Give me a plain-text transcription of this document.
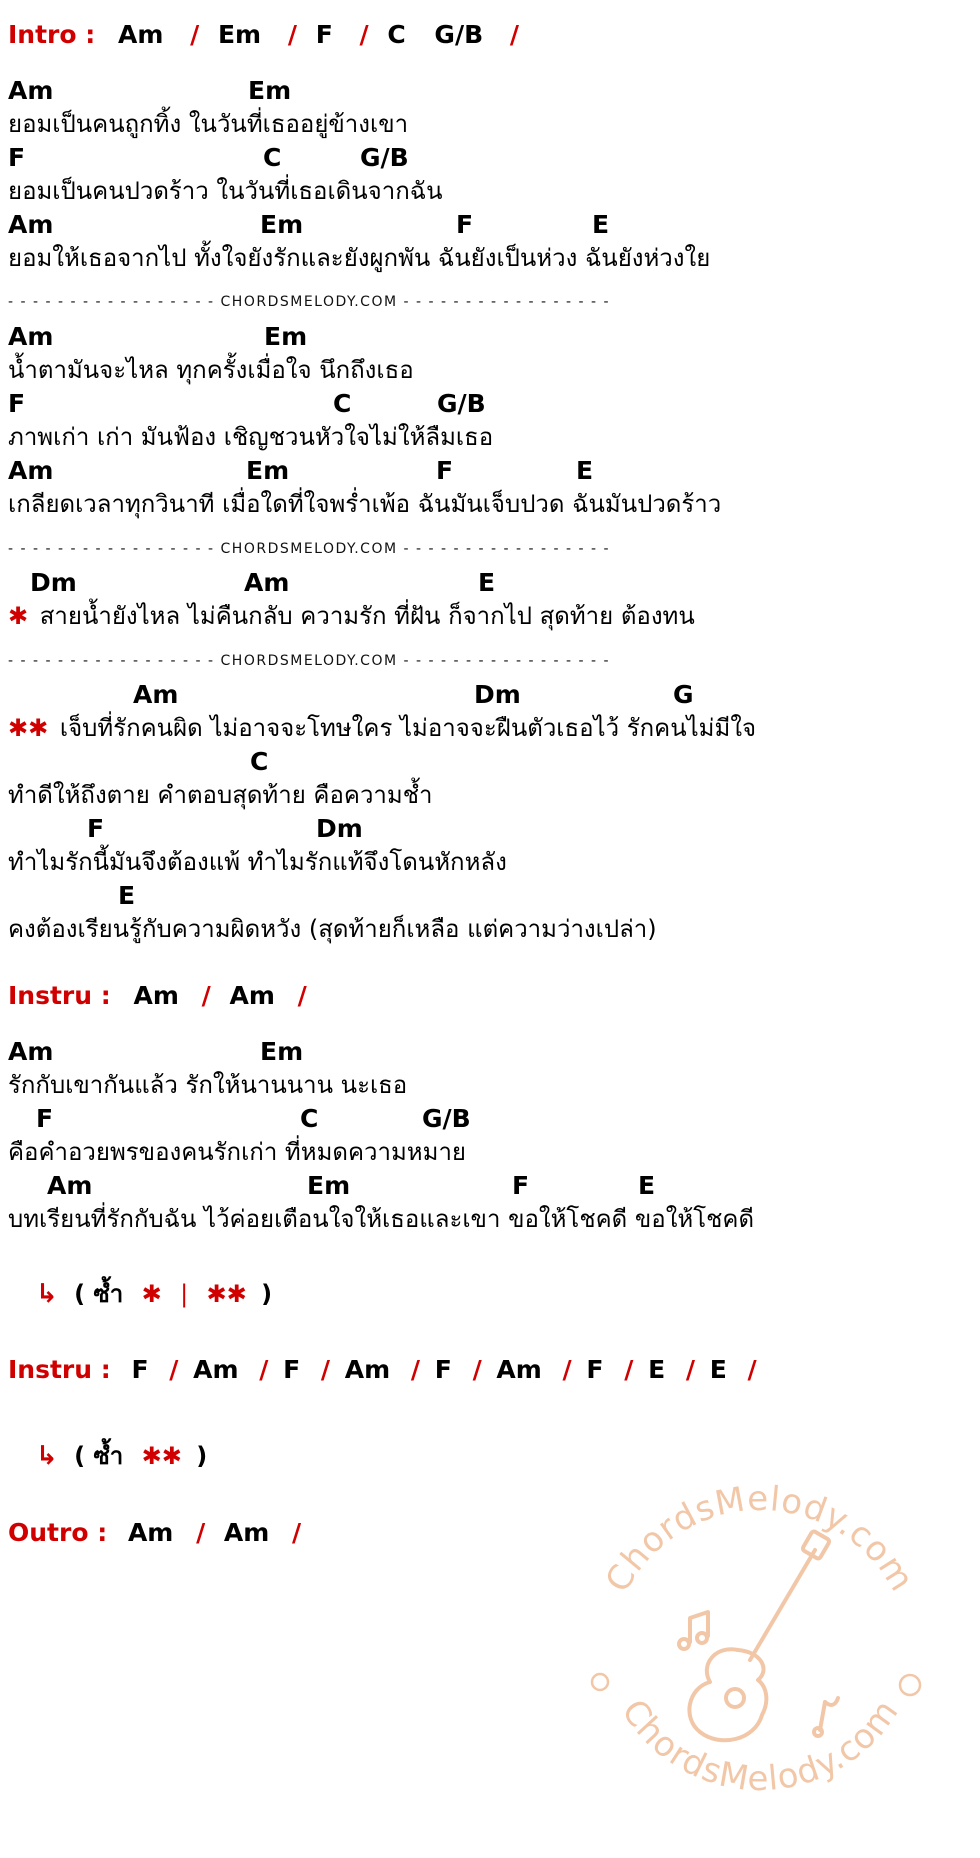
Intro : Am / Em / F / C G/B /
Am	Em
ยอมเป็นคนถูกทิ้ง ในวันที่เธออยู่ข้างเขา
F	C	G/B
ยอมเป็นคนปวดร้าว ในวันที่เธอเดินจากฉัน
Am	Em	F	E
ยอมให้เธอจากไป ทั้งใจยังรักและยังผูกพัน ฉันยังเป็นห่วง ฉันยังห่วงใย
- - - - - - - - - - - - - - - - - CHORDSMELODY.COM - - - - - - - - - - - - - - - - -
Am	Em
น้ำตามันจะไหล ทุกครั้งเมื่อใจ นึกถึงเธอ
F	C	G/B
ภาพเก่า เก่า มันฟ้อง เชิญชวนหัวใจไม่ให้ลืมเธอ
Am	Em	F	E
เกลียดเวลาทุกวินาที เมื่อใดที่ใจพร่ำเพ้อ ฉันมันเจ็บปวด ฉันมันปวดร้าว
- - - - - - - - - - - - - - - - - CHORDSMELODY.COM - - - - - - - - - - - - - - - - -
Dm	Am	E
✱ สายน้ำยังไหล ไม่คืนกลับ ความรัก ที่ฝัน ก็จากไป สุดท้าย ต้องทน
- - - - - - - - - - - - - - - - - CHORDSMELODY.COM - - - - - - - - - - - - - - - - -
Am	Dm	G
✱✱ เจ็บที่รักคนผิด ไม่อาจจะโทษใคร ไม่อาจจะฝืนตัวเธอไว้ รักคนไม่มีใจ
C
ทำดีให้ถึงตาย คำตอบสุดท้าย คือความช้ำ
F	Dm
ทำไมรักนี้มันจึงต้องแพ้ ทำไมรักแท้จึงโดนหักหลัง
E
คงต้องเรียนรู้กับความผิดหวัง (สุดท้ายก็เหลือ แต่ความว่างเปล่า)
Instru : Am / Am /
Am	Em
รักกับเขากันแล้ว รักให้นานนาน นะเธอ
F	C	G/B
คือคำอวยพรของคนรักเก่า ที่หมดความหมาย
Am	Em	F	E
บทเรียนที่รักกับฉัน ไว้ค่อยเตือนใจให้เธอและเขา ขอให้โชคดี ขอให้โชคดี
↳ ( ซ้ำ ✱ | ✱✱ )
Instru : F / Am / F / Am / F / Am / F / E / E /
↳ ( ซ้ำ ✱✱ )
Outro : Am / Am /
ChordsMelody.com
ChordsMelody.com
